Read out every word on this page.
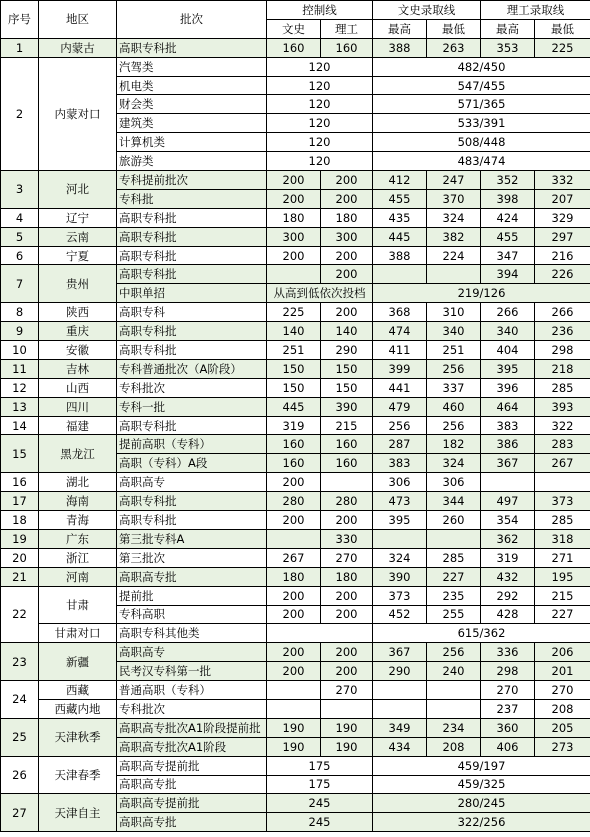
序号	地区	批次	控制线		文史录取线		理工录取线	
			文史	理工	最高	最低	最高	最低
1	内蒙古	高职专科批	160	160	388	263	353	225
2	内蒙对口	汽驾类	120		482/450			
		机电类	120		547/455			
		财会类	120		571/365			
		建筑类	120		533/391			
		计算机类	120		508/448			
		旅游类	120		483/474			
3	河北	专科提前批次	200	200	412	247	352	332
		专科批	200	200	455	370	398	207
4	辽宁	高职专科批	180	180	435	324	424	329
5	云南	高职专科批	300	300	445	382	455	297
6	宁夏	高职专科批	200	200	388	224	347	216
7	贵州	高职专科批		200			394	226
		中职单招	从高到低依次投档		219/126			
8	陕西	高职专科	225	200	368	310	266	266
9	重庆	高职专科批	140	140	474	340	340	236
10	安徽	高职专科批	251	290	411	251	404	298
11	吉林	专科普通批次（A阶段）	150	150	399	256	395	218
12	山西	专科批次	150	150	441	337	396	285
13	四川	专科一批	445	390	479	460	464	393
14	福建	高职专科批	319	215	256	256	383	322
15	黑龙江	提前高职（专科）	160	160	287	182	386	283
		高职（专科）A段	160	160	383	324	367	267
16	湖北	高职高专	200		306	306		
17	海南	高职专科批	280	280	473	344	497	373
18	青海	高职专科批	200	200	395	260	354	285
19	广东	第三批专科A		330			362	318
20	浙江	第三批次	267	270	324	285	319	271
21	河南	高职高专批	180	180	390	227	432	195
22	甘肃	提前批	200	200	373	235	292	215
		专科高职	200	200	452	255	428	227
	甘肃对口	高职专科其他类			615/362			
23	新疆	高职高专	200	200	367	256	336	206
		民考汉专科第一批	200	200	290	240	298	201
24	西藏	普通高职（专科）		270			270	270
	西藏内地	专科批次					237	208
25	天津秋季	高职高专批次A1阶段提前批	190	190	349	234	360	205
		高职高专批次A1阶段	190	190	434	208	406	273
26	天津春季	高职高专提前批	175		459/197			
		高职高专批	175		459/325			
27	天津自主	高职高专提前批	245		280/245			
		高职高专批	245		322/256			
